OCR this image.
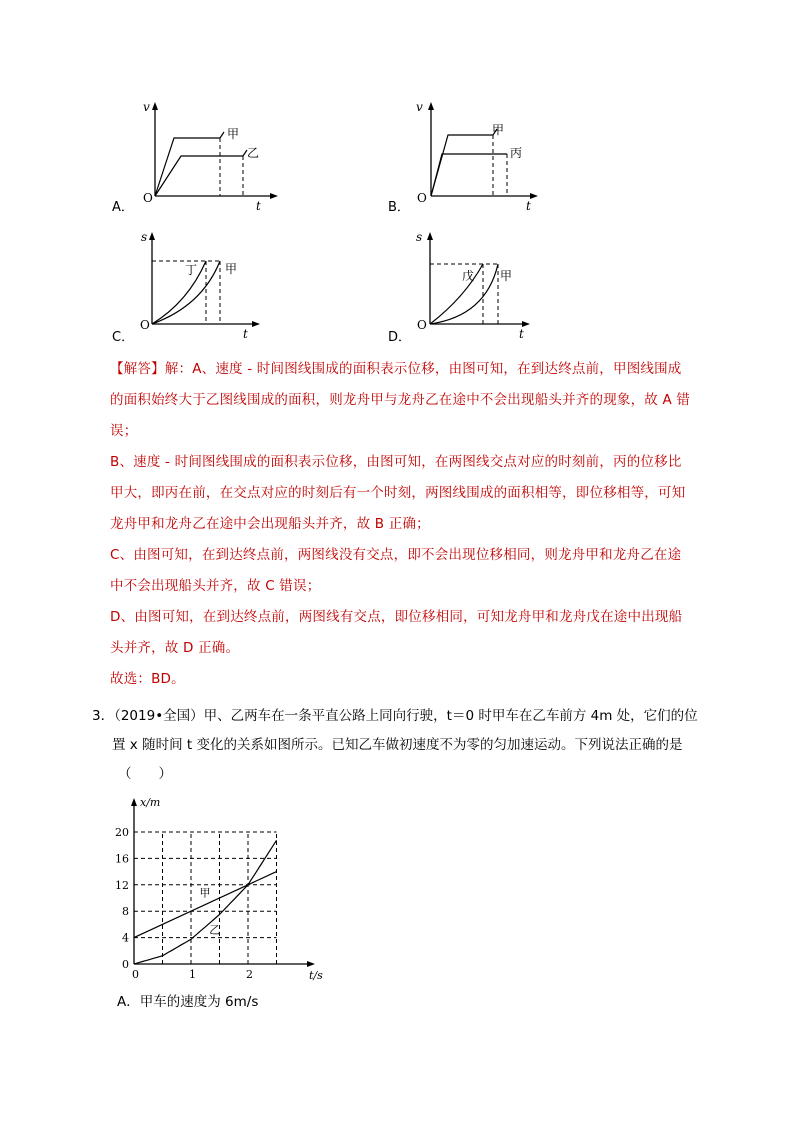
A．
v
t
O
甲
乙
B．
v
t
O
甲
丙
C．
s
t
O
丁 甲
D．
s
t
O
戊 甲
【解答】解：A、速度 - 时间图线围成的面积表示位移，由图可知，在到达终点前，甲图线围成
的面积始终大于乙图线围成的面积，则龙舟甲与龙舟乙在途中不会出现船头并齐的现象，故 A 错
误；
B、速度 - 时间图线围成的面积表示位移，由图可知，在两图线交点对应的时刻前，丙的位移比
甲大，即丙在前，在交点对应的时刻后有一个时刻，两图线围成的面积相等，即位移相等，可知
龙舟甲和龙舟乙在途中会出现船头并齐，故 B 正确；
C、由图可知，在到达终点前，两图线没有交点，即不会出现位移相同，则龙舟甲和龙舟乙在途
中不会出现船头并齐，故 C 错误；
D、由图可知，在到达终点前，两图线有交点，即位移相同，可知龙舟甲和龙舟戊在途中出现船
头并齐，故 D 正确。
故选：BD。
3．（2019•全国）甲、乙两车在一条平直公路上同向行驶，t＝0 时甲车在乙车前方 4m 处，它们的位
置 x 随时间 t 变化的关系如图所示。已知乙车做初速度不为零的匀加速运动。下列说法正确的是
（　　）
x/m
t/s
0
4
8
12
16
20
0	1	2
甲
乙
A．甲车的速度为 6m/s
